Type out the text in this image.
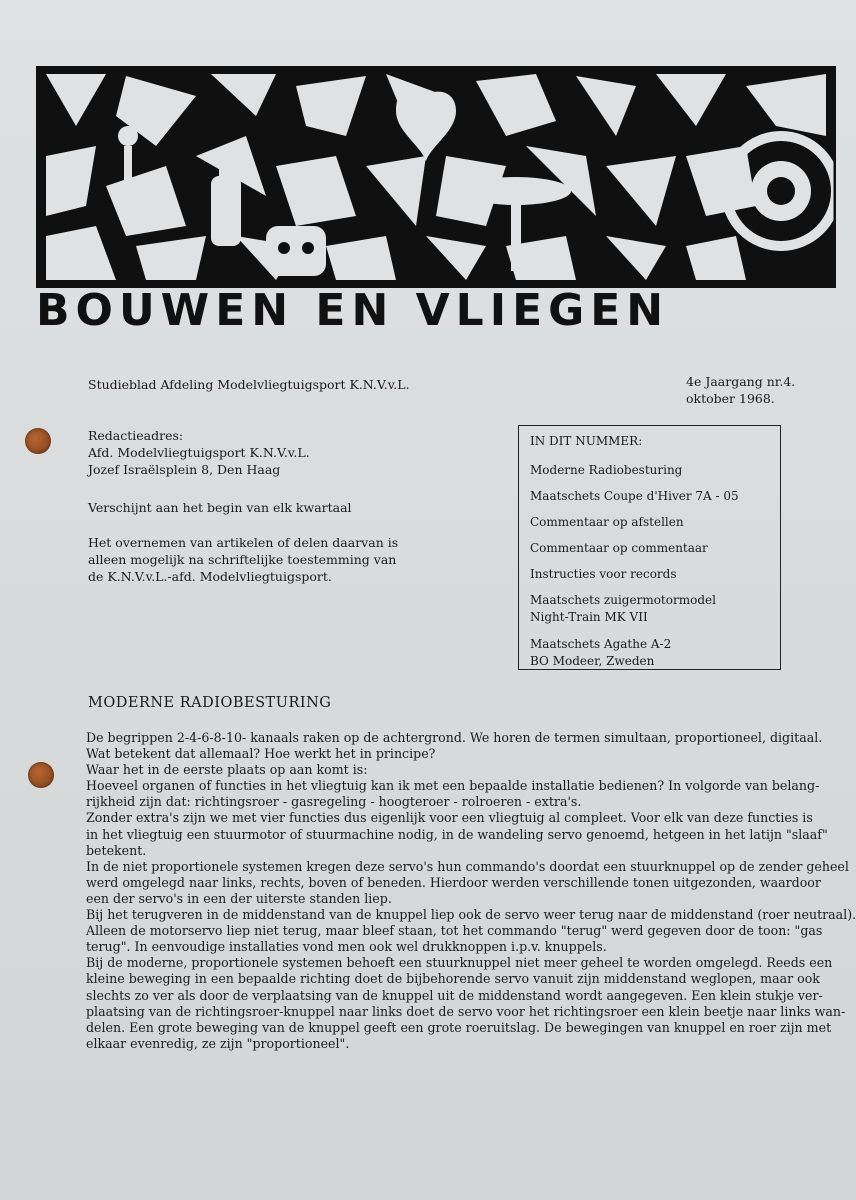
FJ
BOUWEN EN VLIEGEN
Studieblad Afdeling Modelvliegtuigsport K.N.V.v.L.	4e Jaargang nr.4.
oktober 1968.
Redactieadres:
Afd. Modelvliegtuigsport K.N.V.v.L.
Jozef Israëlsplein 8, Den Haag
Verschijnt aan het begin van elk kwartaal
Het overnemen van artikelen of delen daarvan is
alleen mogelijk na schriftelijke toestemming van
de K.N.V.v.L.-afd. Modelvliegtuigsport.
IN DIT NUMMER:
Moderne Radiobesturing
Maatschets Coupe d'Hiver 7A - 05
Commentaar op afstellen
Commentaar op commentaar
Instructies voor records
Maatschets zuigermotormodel
Night-Train MK VII
Maatschets Agathe A-2
BO Modeer, Zweden
MODERNE RADIOBESTURING
De begrippen 2-4-6-8-10- kanaals raken op de achtergrond. We horen de termen simultaan, proportioneel, digitaal.
Wat betekent dat allemaal? Hoe werkt het in principe?
Waar het in de eerste plaats op aan komt is:
Hoeveel organen of functies in het vliegtuig kan ik met een bepaalde installatie bedienen? In volgorde van belang-
rijkheid zijn dat: richtingsroer - gasregeling - hoogteroer - rolroeren - extra's.
Zonder extra's zijn we met vier functies dus eigenlijk voor een vliegtuig al compleet. Voor elk van deze functies is
in het vliegtuig een stuurmotor of stuurmachine nodig, in de wandeling servo genoemd, hetgeen in het latijn "slaaf"
betekent.
In de niet proportionele systemen kregen deze servo's hun commando's doordat een stuurknuppel op de zender geheel
werd omgelegd naar links, rechts, boven of beneden. Hierdoor werden verschillende tonen uitgezonden, waardoor
een der servo's in een der uiterste standen liep.
Bij het terugveren in de middenstand van de knuppel liep ook de servo weer terug naar de middenstand (roer neutraal).
Alleen de motorservo liep niet terug, maar bleef staan, tot het commando "terug" werd gegeven door de toon: "gas
terug". In eenvoudige installaties vond men ook wel drukknoppen i.p.v. knuppels.
Bij de moderne, proportionele systemen behoeft een stuurknuppel niet meer geheel te worden omgelegd. Reeds een
kleine beweging in een bepaalde richting doet de bijbehorende servo vanuit zijn middenstand weglopen, maar ook
slechts zo ver als door de verplaatsing van de knuppel uit de middenstand wordt aangegeven. Een klein stukje ver-
plaatsing van de richtingsroer-knuppel naar links doet de servo voor het richtingsroer een klein beetje naar links wan-
delen. Een grote beweging van de knuppel geeft een grote roeruitslag. De bewegingen van knuppel en roer zijn met
elkaar evenredig, ze zijn "proportioneel".
